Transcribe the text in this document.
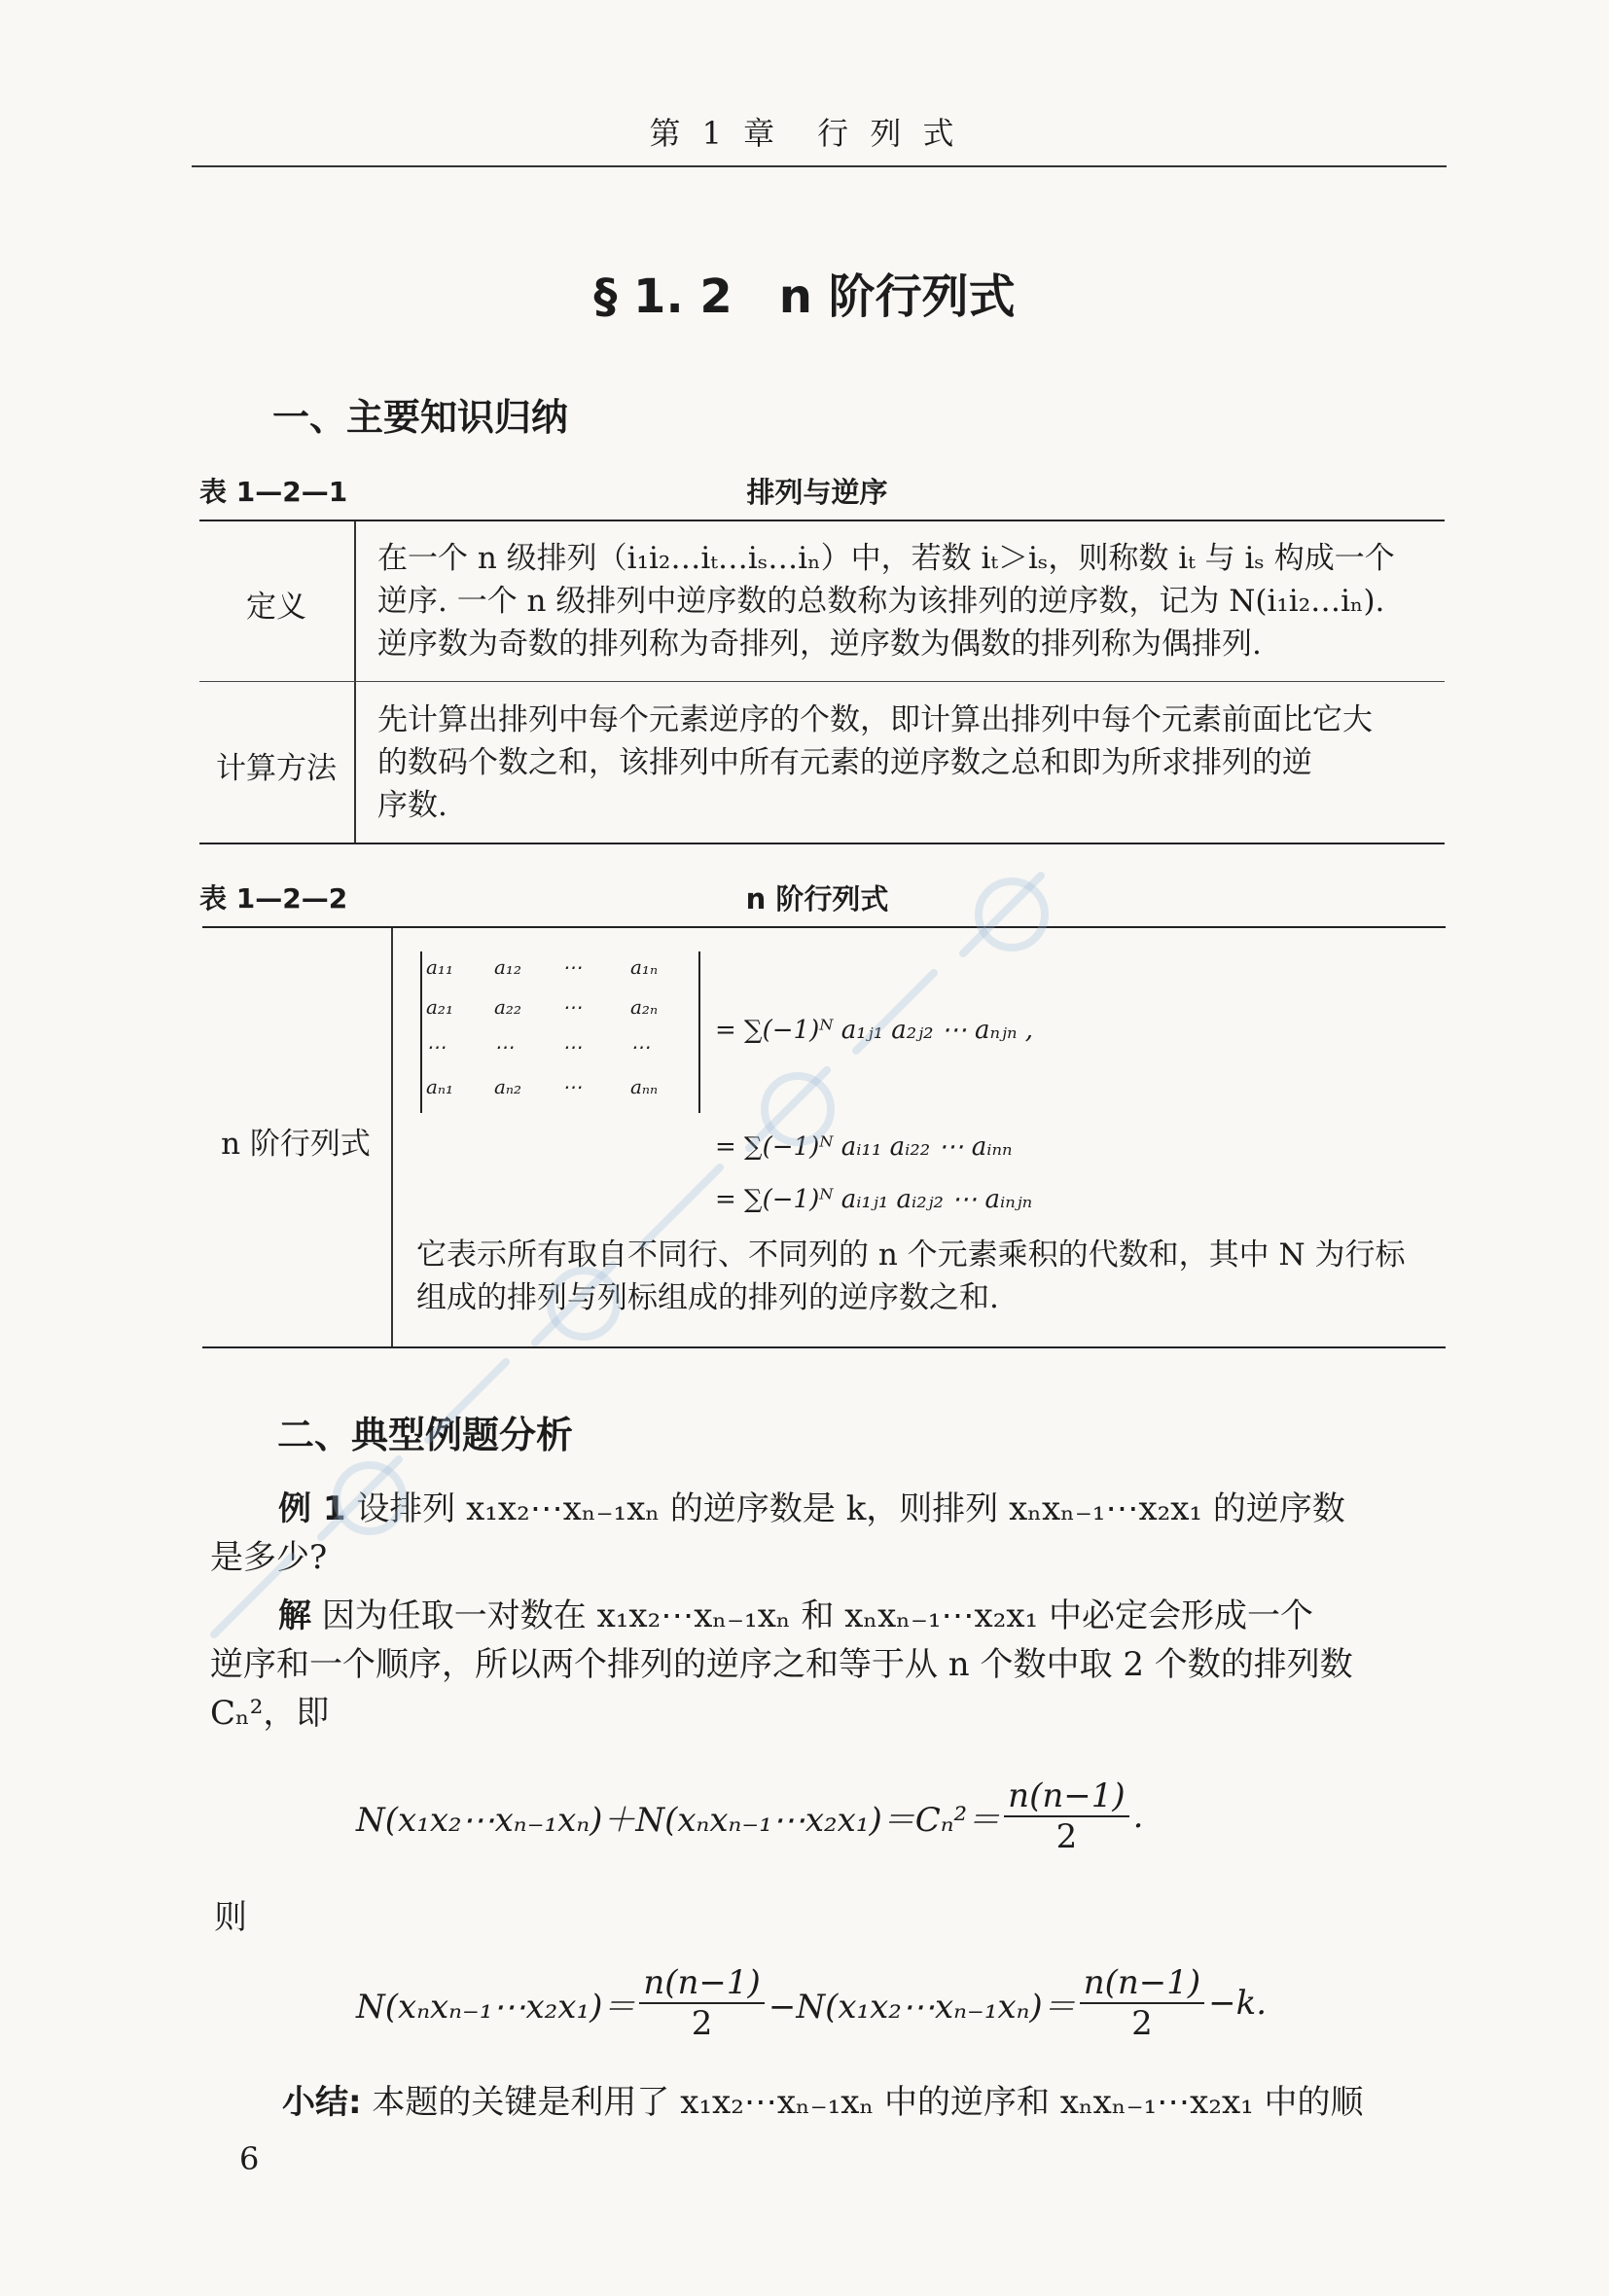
第 1 章　行 列 式
§ 1. 2　n 阶行列式
一、主要知识归纳
表 1—2—1	排列与逆序
定义
在一个 n 级排列（i₁i₂…iₜ…iₛ…iₙ）中，若数 iₜ＞iₛ，则称数 iₜ 与 iₛ 构成一个
逆序. 一个 n 级排列中逆序数的总数称为该排列的逆序数，记为 N(i₁i₂…iₙ).
逆序数为奇数的排列称为奇排列，逆序数为偶数的排列称为偶排列.
计算方法
先计算出排列中每个元素逆序的个数，即计算出排列中每个元素前面比它大
的数码个数之和，该排列中所有元素的逆序数之总和即为所求排列的逆
序数.
表 1—2—2	n 阶行列式
n 阶行列式
a₁₁	a₁₂	⋯	a₁ₙ
a₂₁	a₂₂	⋯	a₂ₙ
⋯	⋯	⋯	⋯
aₙ₁	aₙ₂	⋯	aₙₙ
= ∑(−1)ᴺ a₁ⱼ₁ a₂ⱼ₂ ⋯ aₙⱼₙ ,
= ∑(−1)ᴺ aᵢ₁₁ aᵢ₂₂ ⋯ aᵢₙₙ
= ∑(−1)ᴺ aᵢ₁ⱼ₁ aᵢ₂ⱼ₂ ⋯ aᵢₙⱼₙ
它表示所有取自不同行、不同列的 n 个元素乘积的代数和，其中 N 为行标
组成的排列与列标组成的排列的逆序数之和.
二、典型例题分析
例 1 设排列 x₁x₂⋯xₙ₋₁xₙ 的逆序数是 k，则排列 xₙxₙ₋₁⋯x₂x₁ 的逆序数
是多少?
解 因为任取一对数在 x₁x₂⋯xₙ₋₁xₙ 和 xₙxₙ₋₁⋯x₂x₁ 中必定会形成一个
逆序和一个顺序，所以两个排列的逆序之和等于从 n 个数中取 2 个数的排列数
Cₙ²，即
N(x₁x₂⋯xₙ₋₁xₙ)＋N(xₙxₙ₋₁⋯x₂x₁)＝Cₙ²＝ $\frac{n(n-1)}{2}$ .
则
N(xₙxₙ₋₁⋯x₂x₁)＝ $\frac{n(n-1)}{2}$ −N(x₁x₂⋯xₙ₋₁xₙ)＝ $\frac{n(n-1)}{2} -k$.
小结: 本题的关键是利用了 x₁x₂⋯xₙ₋₁xₙ 中的逆序和 xₙxₙ₋₁⋯x₂x₁ 中的顺
6
